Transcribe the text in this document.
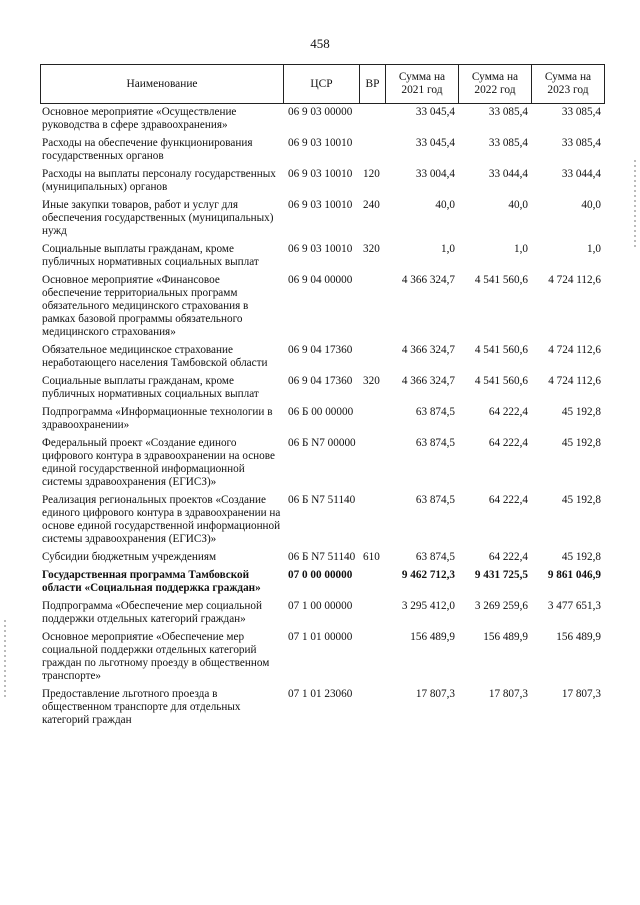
458
Наименование	ЦСР	ВР	Сумма на 2021 год	Сумма на 2022 год	Сумма на 2023 год
Основное мероприятие «Осуществление руководства в сфере здравоохранения»	06 9 03 00000		33 045,4	33 085,4	33 085,4
Расходы на обеспечение функционирования государственных органов	06 9 03 10010		33 045,4	33 085,4	33 085,4
Расходы на выплаты персоналу государственных (муниципальных) органов	06 9 03 10010	120	33 004,4	33 044,4	33 044,4
Иные закупки товаров, работ и услуг для обеспечения государственных (муниципальных) нужд	06 9 03 10010	240	40,0	40,0	40,0
Социальные выплаты гражданам, кроме публичных нормативных социальных выплат	06 9 03 10010	320	1,0	1,0	1,0
Основное мероприятие «Финансовое обеспечение территориальных программ обязательного медицинского страхования в рамках базовой программы обязательного медицинского страхования»	06 9 04 00000		4 366 324,7	4 541 560,6	4 724 112,6
Обязательное медицинское страхование неработающего населения Тамбовской области	06 9 04 17360		4 366 324,7	4 541 560,6	4 724 112,6
Социальные выплаты гражданам, кроме публичных нормативных социальных выплат	06 9 04 17360	320	4 366 324,7	4 541 560,6	4 724 112,6
Подпрограмма «Информационные технологии в здравоохранении»	06 Б 00 00000		63 874,5	64 222,4	45 192,8
Федеральный проект «Создание единого цифрового контура в здравоохранении на основе единой государственной информационной системы здравоохранения (ЕГИСЗ)»	06 Б N7 00000		63 874,5	64 222,4	45 192,8
Реализация региональных проектов «Создание единого цифрового контура в здравоохранении на основе единой государственной информационной системы здравоохранения (ЕГИСЗ)»	06 Б N7 51140		63 874,5	64 222,4	45 192,8
Субсидии бюджетным учреждениям	06 Б N7 51140	610	63 874,5	64 222,4	45 192,8
Государственная программа Тамбовской области «Социальная поддержка граждан»	07 0 00 00000		9 462 712,3	9 431 725,5	9 861 046,9
Подпрограмма «Обеспечение мер социальной поддержки отдельных категорий граждан»	07 1 00 00000		3 295 412,0	3 269 259,6	3 477 651,3
Основное мероприятие «Обеспечение мер социальной поддержки отдельных категорий граждан по льготному проезду в общественном транспорте»	07 1 01 00000		156 489,9	156 489,9	156 489,9
Предоставление льготного проезда в общественном транспорте для отдельных категорий граждан	07 1 01 23060		17 807,3	17 807,3	17 807,3
